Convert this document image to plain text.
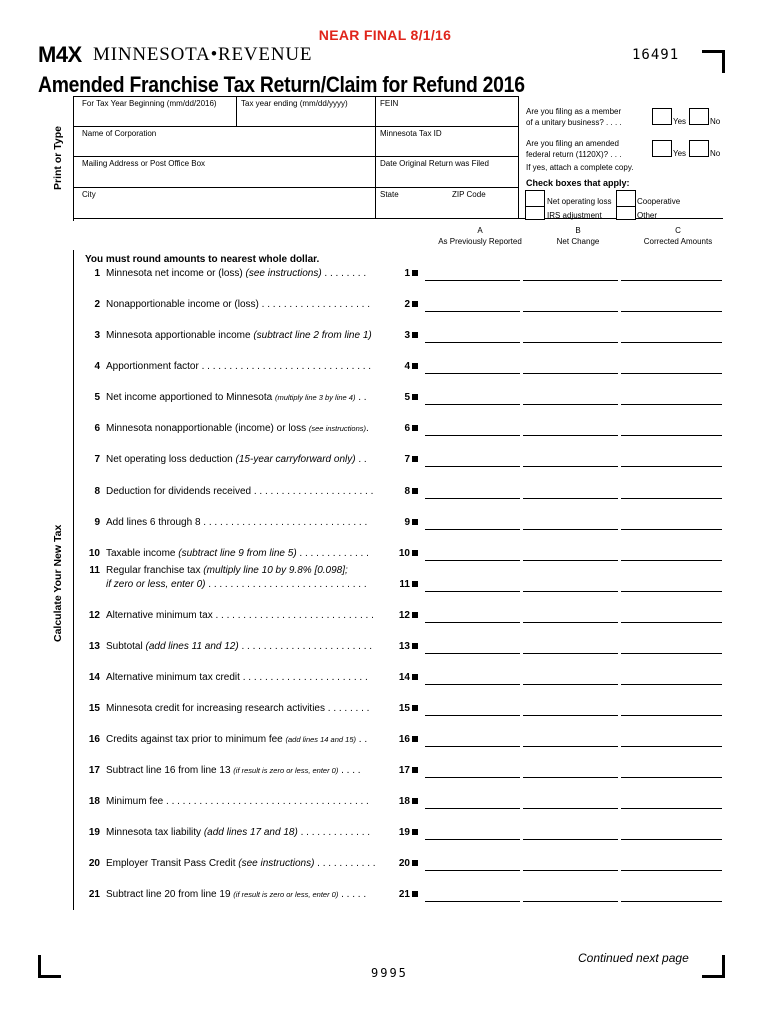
NEAR FINAL 8/1/16
M4X MINNESOTA•REVENUE	16491
Amended Franchise Tax Return/Claim for Refund 2016
Print or Type
Calculate Your New Tax
For Tax Year Beginning (mm/dd/2016)	Tax year ending (mm/dd/yyyy)	FEIN
Name of Corporation	Minnesota Tax ID
Mailing Address or Post Office Box	Date Original Return was Filed
City	State	ZIP Code
Are you filing as a member
of a unitary business? . . . .	Yes	No
Are you filing an amended
federal return (1120X)? . . .	Yes	No
If yes, attach a complete copy.
Check boxes that apply:
Net operating loss	Cooperative
IRS adjustment	Other
A
As Previously Reported
B
Net Change
C
Corrected Amounts
You must round amounts to nearest whole dollar.
1 Minnesota net income or (loss) (see instructions) . . . . . . . .	1
2 Nonapportionable income or (loss) . . . . . . . . . . . . . . . . . . . .	2
3 Minnesota apportionable income (subtract line 2 from line 1)	3
4 Apportionment factor . . . . . . . . . . . . . . . . . . . . . . . . . . . . . . .	4
5 Net income apportioned to Minnesota (multiply line 3 by line 4) . .	5
6 Minnesota nonapportionable (income) or loss (see instructions).	6
7 Net operating loss deduction (15-year carryforward only) . .	7
8 Deduction for dividends received . . . . . . . . . . . . . . . . . . . . . .	8
9 Add lines 6 through 8 . . . . . . . . . . . . . . . . . . . . . . . . . . . . . .	9
10 Taxable income (subtract line 9 from line 5) . . . . . . . . . . . . .	10
11 Regular franchise tax (multiply line 10 by 9.8% [0.098];
if zero or less, enter 0) . . . . . . . . . . . . . . . . . . . . . . . . . . . . .	11
12 Alternative minimum tax . . . . . . . . . . . . . . . . . . . . . . . . . . . . .	12
13 Subtotal (add lines 11 and 12) . . . . . . . . . . . . . . . . . . . . . . . .	13
14 Alternative minimum tax credit . . . . . . . . . . . . . . . . . . . . . . .	14
15 Minnesota credit for increasing research activities . . . . . . . .	15
16 Credits against tax prior to minimum fee (add lines 14 and 15) . .	16
17 Subtract line 16 from line 13 (if result is zero or less, enter 0) . . . .	17
18 Minimum fee . . . . . . . . . . . . . . . . . . . . . . . . . . . . . . . . . . . . .	18
19 Minnesota tax liability (add lines 17 and 18) . . . . . . . . . . . . .	19
20 Employer Transit Pass Credit (see instructions) . . . . . . . . . . .	20
21 Subtract line 20 from line 19 (if result is zero or less, enter 0) . . . . .	21
Continued next page
9995
